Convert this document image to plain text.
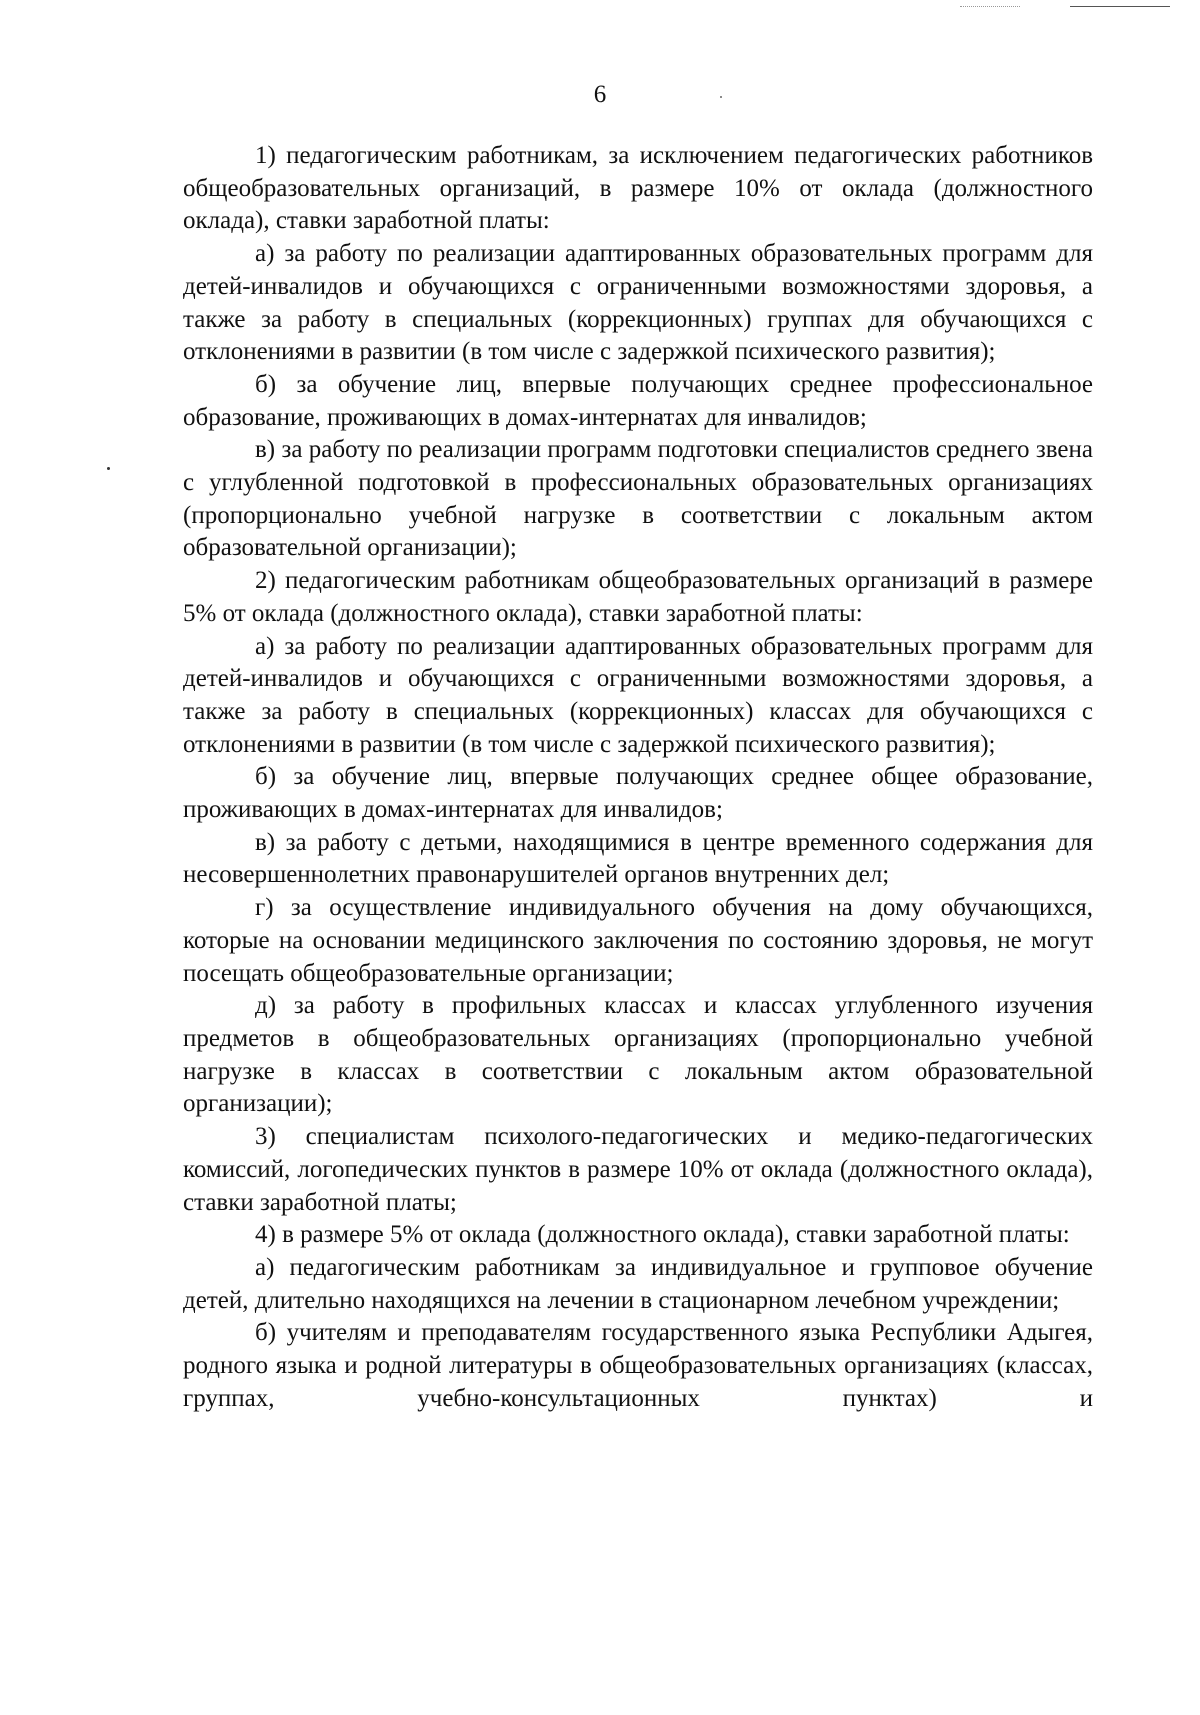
6

1) педагогическим работникам, за исключением педагогических работников общеобразовательных организаций, в размере 10% от оклада (должностного оклада), ставки заработной платы:

а) за работу по реализации адаптированных образовательных программ для детей-инвалидов и обучающихся с ограниченными возможностями здоровья, а также за работу в специальных (коррекционных) группах для обучающихся с отклонениями в развитии (в том числе с задержкой психического развития);

б) за обучение лиц, впервые получающих среднее профессиональное образование, проживающих в домах-интернатах для инвалидов;

в) за работу по реализации программ подготовки специалистов среднего звена с углубленной подготовкой в профессиональных образовательных организациях (пропорционально учебной нагрузке в соответствии с локальным актом образовательной организации);

2) педагогическим работникам общеобразовательных организаций в размере 5% от оклада (должностного оклада), ставки заработной платы:

а) за работу по реализации адаптированных образовательных программ для детей-инвалидов и обучающихся с ограниченными возможностями здоровья, а также за работу в специальных (коррекционных) классах для обучающихся с отклонениями в развитии (в том числе с задержкой психического развития);

б) за обучение лиц, впервые получающих среднее общее образование, проживающих в домах-интернатах для инвалидов;

в) за работу с детьми, находящимися в центре временного содержания для несовершеннолетних правонарушителей органов внутренних дел;

г) за осуществление индивидуального обучения на дому обучающихся, которые на основании медицинского заключения по состоянию здоровья, не могут посещать общеобразовательные организации;

д) за работу в профильных классах и классах углубленного изучения предметов в общеобразовательных организациях (пропорционально учебной нагрузке в классах в соответствии с локальным актом образовательной организации);

3) специалистам психолого-педагогических и медико-педагогических комиссий, логопедических пунктов в размере 10% от оклада (должностного оклада), ставки заработной платы;

4) в размере 5% от оклада (должностного оклада), ставки заработной платы:

а) педагогическим работникам за индивидуальное и групповое обучение детей, длительно находящихся на лечении в стационарном лечебном учреждении;

б) учителям и преподавателям государственного языка Республики Адыгея, родного языка и родной литературы в общеобразовательных организациях (классах, группах, учебно-консультационных пунктах) и
